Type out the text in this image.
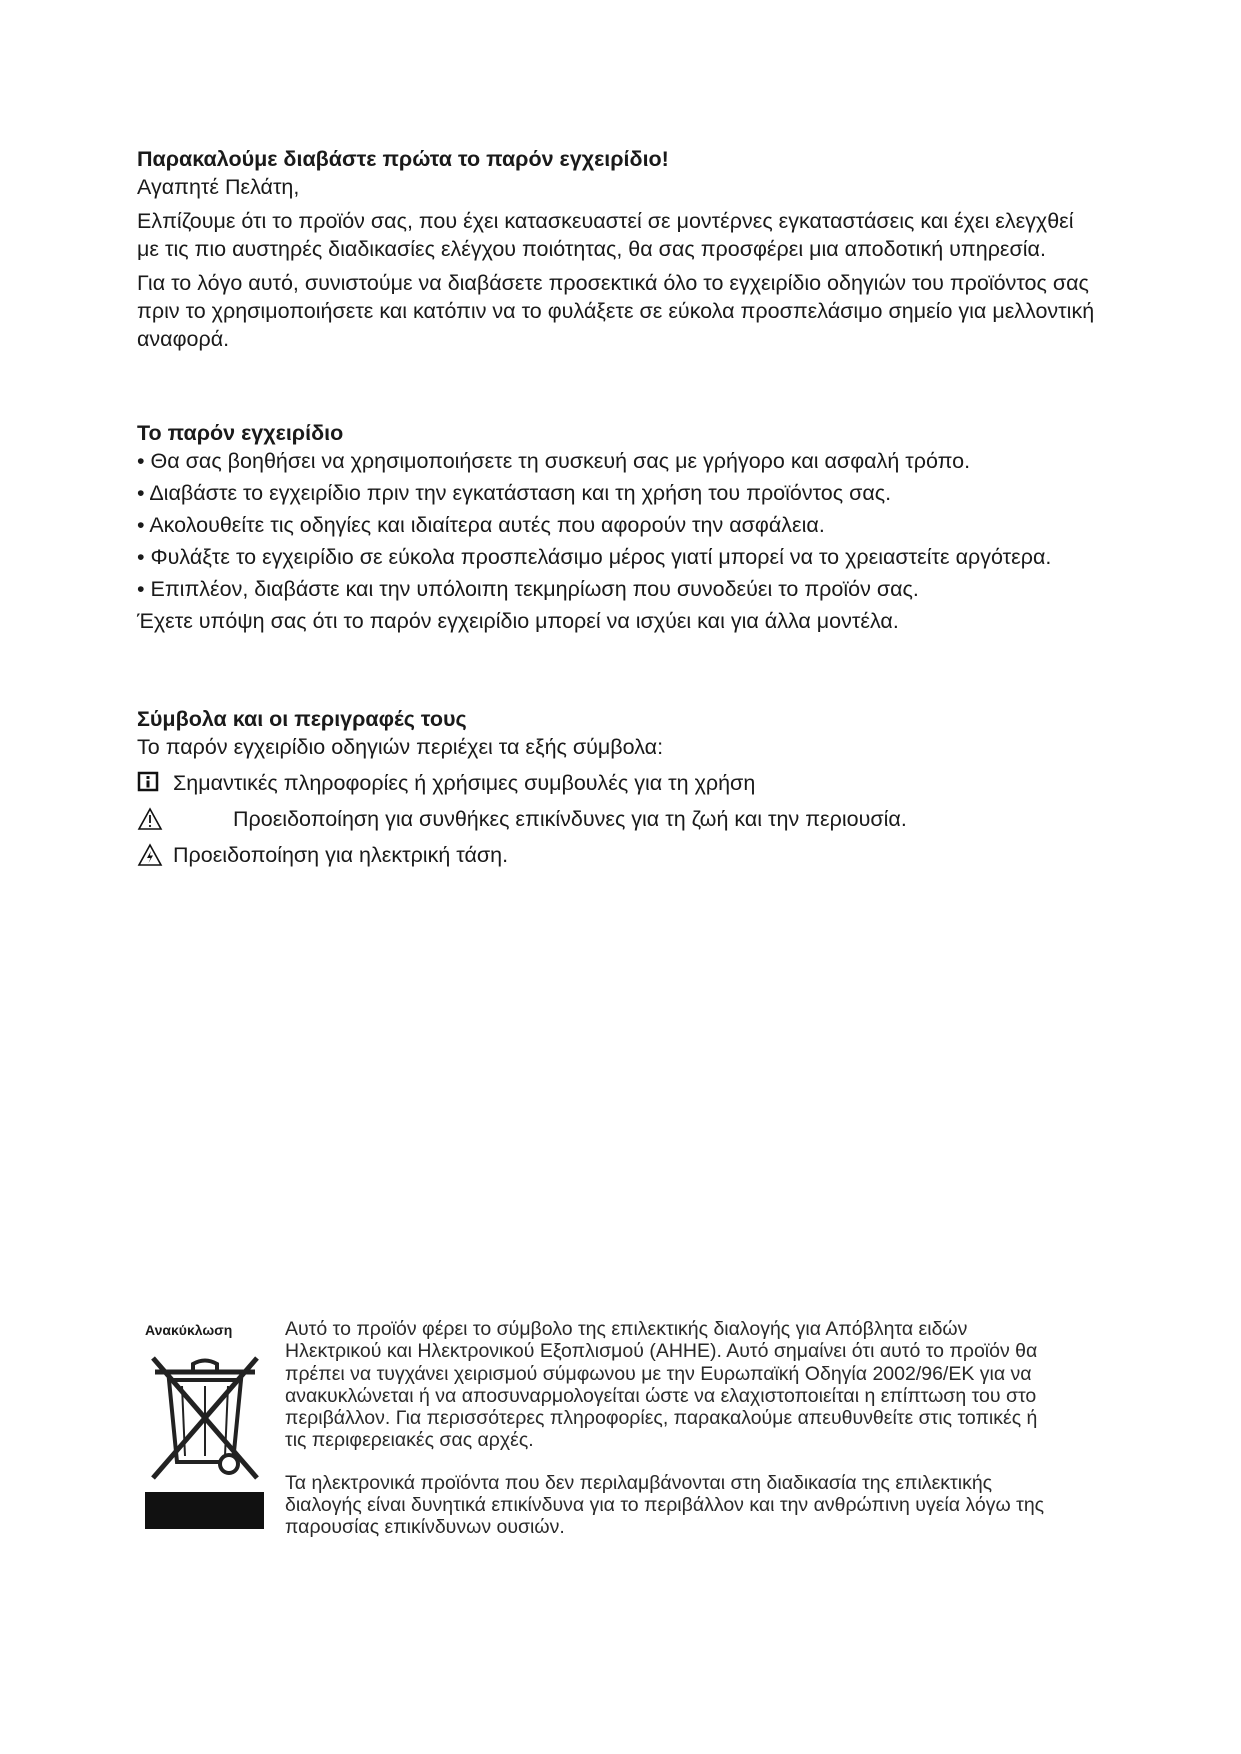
Παρακαλούμε διαβάστε πρώτα το παρόν εγχειρίδιο!

Αγαπητέ Πελάτη,

Ελπίζουμε ότι το προϊόν σας, που έχει κατασκευαστεί σε μοντέρνες εγκαταστάσεις και έχει ελεγχθεί με τις πιο αυστηρές διαδικασίες ελέγχου ποιότητας, θα σας προσφέρει μια αποδοτική υπηρεσία.

Για το λόγο αυτό, συνιστούμε να διαβάσετε προσεκτικά όλο το εγχειρίδιο οδηγιών του προϊόντος σας πριν το χρησιμοποιήσετε και κατόπιν να το φυλάξετε σε εύκολα προσπελάσιμο σημείο για μελλοντική αναφορά.

Το παρόν εγχειρίδιο
• Θα σας βοηθήσει να χρησιμοποιήσετε τη συσκευή σας με γρήγορο και ασφαλή τρόπο.
• Διαβάστε το εγχειρίδιο πριν την εγκατάσταση και τη χρήση του προϊόντος σας.
• Ακολουθείτε τις οδηγίες και ιδιαίτερα αυτές που αφορούν την ασφάλεια.
• Φυλάξτε το εγχειρίδιο σε εύκολα προσπελάσιμο μέρος γιατί μπορεί να το χρειαστείτε αργότερα.
• Επιπλέον, διαβάστε και την υπόλοιπη τεκμηρίωση που συνοδεύει το προϊόν σας.
Έχετε υπόψη σας ότι το παρόν εγχειρίδιο μπορεί να ισχύει και για άλλα μοντέλα.
Σύμβολα και οι περιγραφές τους
Το παρόν εγχειρίδιο οδηγιών περιέχει τα εξής σύμβολα:
Σημαντικές πληροφορίες ή χρήσιμες συμβουλές για τη χρήση
Προειδοποίηση για συνθήκες επικίνδυνες για τη ζωή και την περιουσία.
Προειδοποίηση για ηλεκτρική τάση.
Ανακύκλωση	Αυτό το προϊόν φέρει το σύμβολο της επιλεκτικής διαλογής για Απόβλητα ειδών Ηλεκτρικού και Ηλεκτρονικού Εξοπλισμού (ΑΗΗΕ). Αυτό σημαίνει ότι αυτό το προϊόν θα πρέπει να τυγχάνει χειρισμού σύμφωνου με την Ευρωπαϊκή Οδηγία 2002/96/ΕΚ για να ανακυκλώνεται ή να αποσυναρμολογείται ώστε να ελαχιστοποιείται η επίπτωση του στο περιβάλλον. Για περισσότερες πληροφορίες, παρακαλούμε απευθυνθείτε στις τοπικές ή τις περιφερειακές σας αρχές.

Τα ηλεκτρονικά προϊόντα που δεν περιλαμβάνονται στη διαδικασία της επιλεκτικής διαλογής είναι δυνητικά επικίνδυνα για το περιβάλλον και την ανθρώπινη υγεία λόγω της παρουσίας επικίνδυνων ουσιών.
